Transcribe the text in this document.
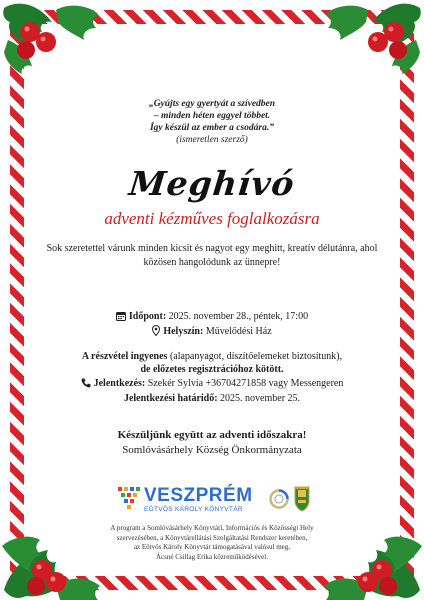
„Gyújts egy gyertyát a szívedben
– minden héten eggyel többet.
Így készül az ember a csodára.”
(ismeretlen szerző)
Meghívó
adventi kézműves foglalkozásra
Sok szeretettel várunk minden kicsit és nagyot egy meghitt, kreatív délutánra, ahol közösen hangolódunk az ünnepre!
Időpont: 2025. november 28., péntek, 17:00
Helyszín: Művelődési Ház
A részvétel ingyenes (alapanyagot, díszítőelemeket biztosítunk),
de előzetes regisztrációhoz kötött.
Jelentkezés: Szekér Sylvia +36704271858 vagy Messengeren
Jelentkezési határidő: 2025. november 25.
Készüljünk együtt az adventi időszakra!
Somlóvásárhely Község Önkormányzata
VESZPRÉM
EÖTVÖS KÁROLY KÖNYVTÁR
A program a Somlóvásárhely Könyvtári, Információs és Közösségi Hely
szervezésében, a Könyvtárellátási Szolgáltatási Rendszer keretében,
az Eötvös Károly Könyvtár támogatásával valósul meg,
Ácsné Csillag Erika közreműködésével.
